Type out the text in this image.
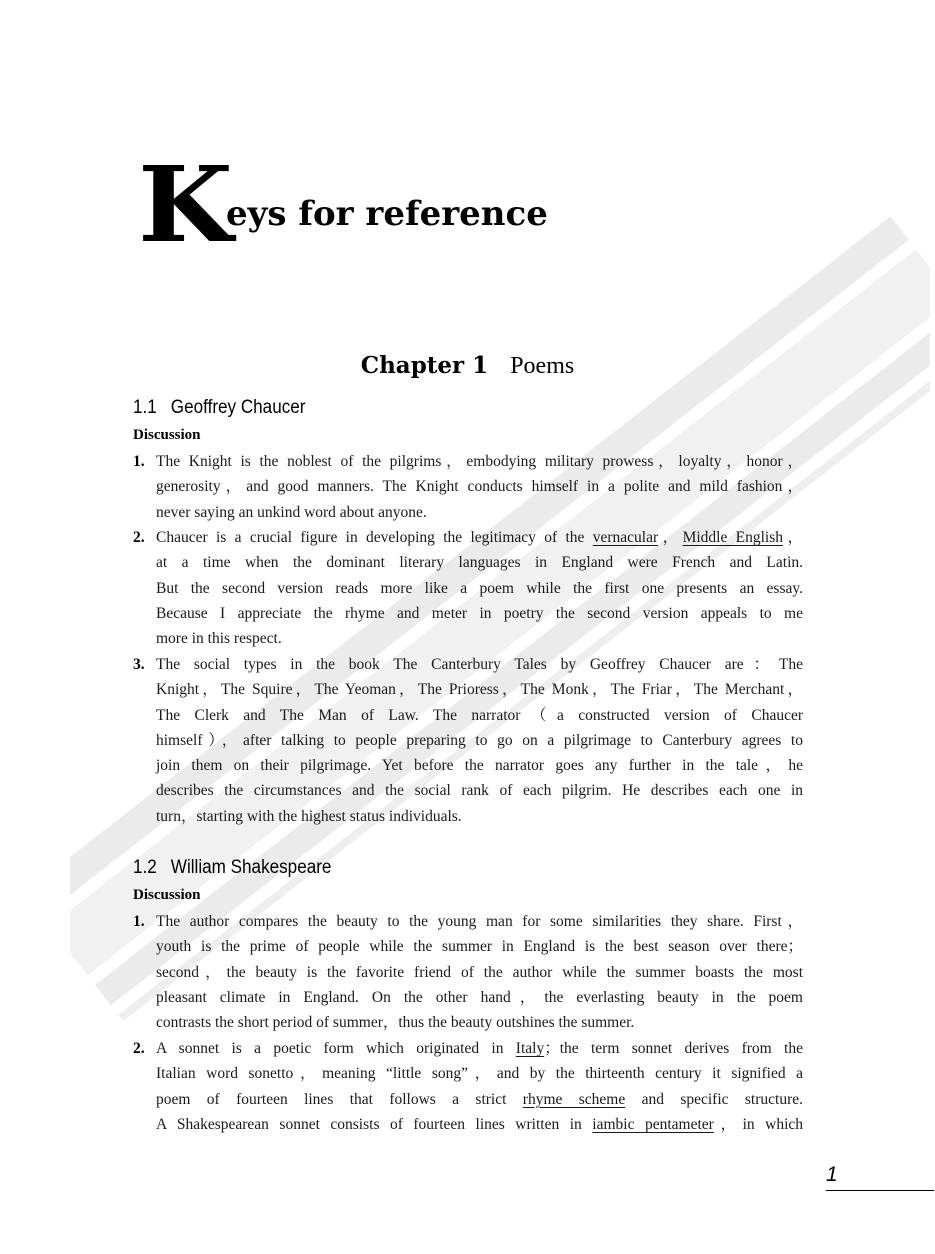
K
eys for reference
Chapter 1 Poems
1.1 Geoffrey Chaucer
Discussion
1. The Knight is the noblest of the pilgrims，embodying military prowess，loyalty，honor，
generosity，and good manners. The Knight conducts himself in a polite and mild fashion，
never saying an unkind word about anyone.
2. Chaucer is a crucial figure in developing the legitimacy of the vernacular，Middle English，
at a time when the dominant literary languages in England were French and Latin.
But the second version reads more like a poem while the first one presents an essay.
Because I appreciate the rhyme and meter in poetry the second version appeals to me
more in this respect.
3. The social types in the book The Canterbury Tales by Geoffrey Chaucer are：The
Knight，The Squire，The Yeoman，The Prioress，The Monk，The Friar，The Merchant，
The Clerk and The Man of Law. The narrator（a constructed version of Chaucer
himself），after talking to people preparing to go on a pilgrimage to Canterbury agrees to
join them on their pilgrimage. Yet before the narrator goes any further in the tale，he
describes the circumstances and the social rank of each pilgrim. He describes each one in
turn，starting with the highest status individuals.
1.2 William Shakespeare
Discussion
1. The author compares the beauty to the young man for some similarities they share. First，
youth is the prime of people while the summer in England is the best season over there；
second，the beauty is the favorite friend of the author while the summer boasts the most
pleasant climate in England. On the other hand，the everlasting beauty in the poem
contrasts the short period of summer，thus the beauty outshines the summer.
2. A sonnet is a poetic form which originated in Italy；the term sonnet derives from the
Italian word sonetto，meaning “little song”，and by the thirteenth century it signified a
poem of fourteen lines that follows a strict rhyme scheme and specific structure.
A Shakespearean sonnet consists of fourteen lines written in iambic pentameter，in which
1
